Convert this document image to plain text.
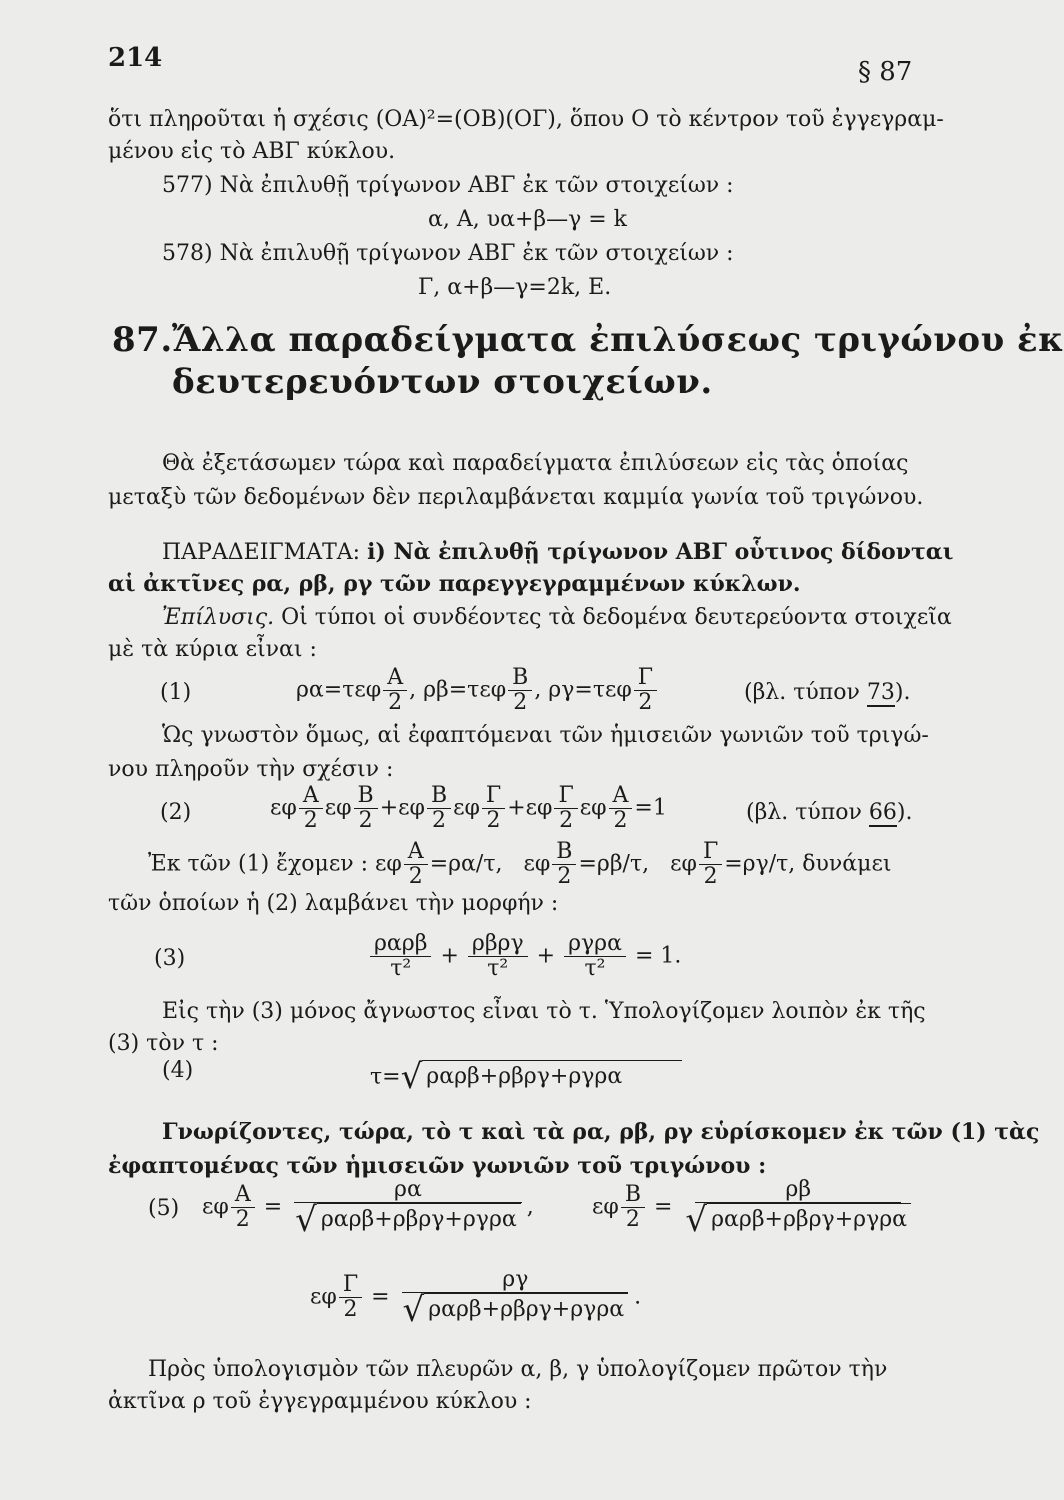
214	§ 87
ὅτι πληροῦται ἡ σχέσις (ΟΑ)²=(ΟΒ)(ΟΓ), ὅπου Ο τὸ κέντρον τοῦ ἐγγεγραμ-
μένου εἰς τὸ ΑΒΓ κύκλου.
577) Νὰ ἐπιλυθῇ τρίγωνον ΑΒΓ ἐκ τῶν στοιχείων :
α, Α, υα+β—γ = k
578) Νὰ ἐπιλυθῇ τρίγωνον ΑΒΓ ἐκ τῶν στοιχείων :
Γ, α+β—γ=2k, Ε.
87. Ἄλλα παραδείγματα ἐπιλύσεως τριγώνου ἐκ
δευτερευόντων στοιχείων.
Θὰ ἐξετάσωμεν τώρα καὶ παραδείγματα ἐπιλύσεων εἰς τὰς ὁποίας
μεταξὺ τῶν δεδομένων δὲν περιλαμβάνεται καμμία γωνία τοῦ τριγώνου.
ΠΑΡΑΔΕΙΓΜΑΤΑ: i) Νὰ ἐπιλυθῇ τρίγωνον ΑΒΓ οὗτινος δίδονται
αἱ ἀκτῖνες ρα, ρβ, ργ τῶν παρεγγεγραμμένων κύκλων.
Ἐπίλυσις. Οἱ τύποι οἱ συνδέοντες τὰ δεδομένα δευτερεύοντα στοιχεῖα
μὲ τὰ κύρια εἶναι :
(1)	$\rho\alpha=\tau\varepsilon\varphi \frac{A}{2}$ , $\rho\beta=\tau\varepsilon\varphi \frac{B}{2}$ , $\rho\gamma=\tau\varepsilon\varphi \frac{\Gamma}{2}$	(βλ. τύπον 73).
Ὡς γνωστὸν ὅμως, αἱ ἐφαπτόμεναι τῶν ἡμισειῶν γωνιῶν τοῦ τριγώ-
νου πληροῦν τὴν σχέσιν :
(2)	εφ $\frac{A}{2}$ εφ $\frac{B}{2} +\varepsilon\varphi \frac{B}{2}$ εφ $\frac{\Gamma}{2} +\varepsilon\varphi \frac{\Gamma}{2}$ εφ $\frac{A}{2} =1$	(βλ. τύπον 66).
Ἐκ τῶν (1) ἔχομεν : εφ $\frac{A}{2} =\rho\alpha/\tau$, εφ $\frac{B}{2} =\rho\beta/\tau$, εφ $\frac{\Gamma}{2} =\rho\gamma/\tau$, δυνάμει
τῶν ὁποίων ἡ (2) λαμβάνει τὴν μορφήν :
(3)	$\frac{\text{ραρβ}}{\text{τ²}} + \frac{\text{ρβργ}}{\text{τ²}} + \frac{\text{ργρα}}{\text{τ²}} = 1$.
Εἰς τὴν (3) μόνος ἄγνωστος εἶναι τὸ τ. Ὑπολογίζομεν λοιπὸν ἐκ τῆς
(3) τὸν τ :
(4)	τ= √ ραρβ+ρβργ+ργρα
Γνωρίζοντες, τώρα, τὸ τ καὶ τὰ ρα, ρβ, ργ εὑρίσκομεν ἐκ τῶν (1) τὰς
ἐφαπτομένας τῶν ἡμισειῶν γωνιῶν τοῦ τριγώνου :
(5) εφ $\frac{A}{2} = \frac{\rho\alpha}{\text{√ ραρβ+ρβργ+ργρα}}$ ,	εφ $\frac{B}{2} = \frac{\rho\beta}{\text{√ ραρβ+ρβργ+ργρα}}$
εφ $\frac{\Gamma}{2} = \frac{\rho\gamma}{\text{√ ραρβ+ρβργ+ργρα}}$ .
Πρὸς ὑπολογισμὸν τῶν πλευρῶν α, β, γ ὑπολογίζομεν πρῶτον τὴν
ἀκτῖνα ρ τοῦ ἐγγεγραμμένου κύκλου :
